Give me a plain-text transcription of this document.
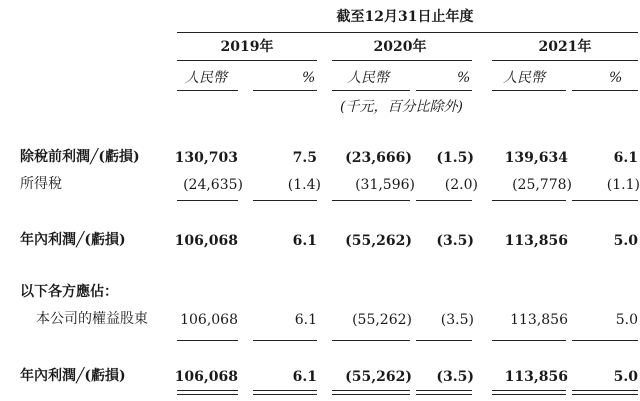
截至12月31日止年度
2019年	2020年	2021年
人民幣	% 人民幣	% 人民幣	%
(千元，百分比除外)
除稅前利潤╱(虧損)	130,703	7.5	(23,666)	(1.5)	139,634	6.1
所得稅	(24,635)	(1.4)	(31,596)	(2.0)	(25,778)	(1.1)
年內利潤╱(虧損)	106,068	6.1	(55,262)	(3.5)	113,856	5.0
以下各方應佔：
本公司的權益股東	106,068	6.1	(55,262)	(3.5)	113,856	5.0
年內利潤╱(虧損)	106,068	6.1	(55,262)	(3.5)	113,856	5.0
